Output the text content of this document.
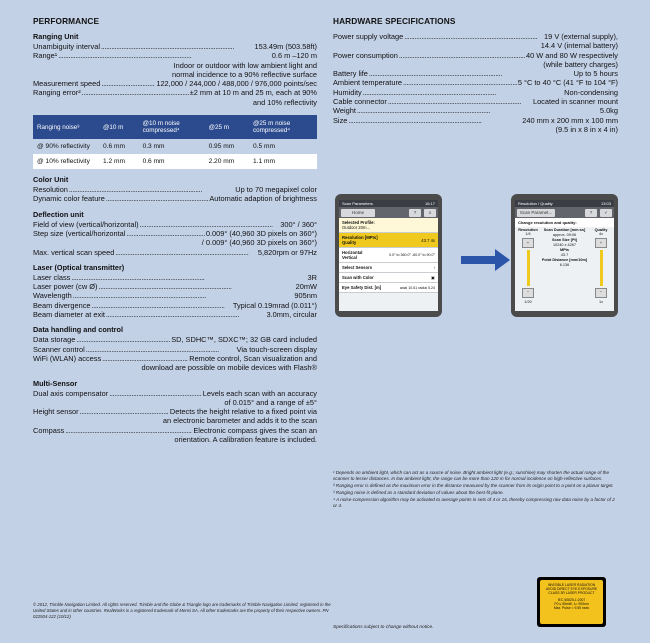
PERFORMANCE
Ranging Unit
Unambiguity interval . . .	153.49m (503.58ft)
Range¹ . . .	0.6 m –120 m
Indoor or outdoor with low ambient light and
normal incidence to a 90% reflective surface
Measurement speed . . .	122,000 / 244,000 / 488,000 / 976,000 points/sec
Ranging error² . . .	±2 mm at 10 m and 25 m, each at 90%
and 10% reflectivity
Ranging noise³	@10 m	@10 m noise compressed⁴	@25 m	@25 m noise compressed⁴
@ 90% reflectivity	0.6 mm	0.3 mm	0.95 mm	0.5 mm
@ 10% reflectivity	1.2 mm	0.6 mm	2.20 mm	1.1 mm
Color Unit
Resolution . . .	Up to 70 megapixel color
Dynamic color feature . . .	Automatic adaption of brightness
Deflection unit
Field of view (vertical/horizontal) . . .	300° / 360°
Step size (vertical/horizontal . . .	0.009° (40,960 3D pixels on 360°)
/ 0.009° (40,960 3D pixels on 360°)
Max. vertical scan speed . . .	5,820rpm or 97Hz
Laser (Optical transmitter)
Laser class . . .	3R
Laser power (cw Ø) . . .	20mW
Wavelength . . .	905nm
Beam divergence . . .	Typical 0.19mrad (0.011°)
Beam diameter at exit . . .	3.0mm, circular
Data handling and control
Data storage . . .	SD, SDHC™, SDXC™; 32 GB card included
Scanner control . . .	Via touch-screen display
WiFi (WLAN) access . . .	Remote control, Scan visualization and
download are possible on mobile devices with Flash®
Multi-Sensor
Dual axis compensator . . .	Levels each scan with an accuracy
of 0.015° and a range of ±5°
Height sensor . . .	Detects the height relative to a fixed point via
an electronic barometer and adds it to the scan
Compass . . .	Electronic compass gives the scan an
orientation. A calibration feature is included.
HARDWARE SPECIFICATIONS
Power supply voltage . . .	19 V (external supply),
14.4 V (internal battery)
Power consumption . . .	40 W and 80 W respectively
(while battery charges)
Battery life . . .	Up to 5 hours
Ambient temperature . . .	5 °C to 40 °C (41 °F to 104 °F)
Humidity . . .	Non-condensing
Cable connector . . .	Located in scanner mount
Weight . . .	5.0kg
Size . . .	240 mm x 200 mm x 100 mm
(9.5 in x 8 in x 4 in)
Scan Parameters	16:17
Home	?	≡
Selected Profile:
Outdoor 20m...
Resolution [MPts]
Quality	43.7 4x
Horizontal
Vertical	0.0° to 360.0° -60.0° to 90.0°
Select Sensors	›
Scan with Color	▣
Eye Safety Dist. [m]	axial 10.61 radial 5.24
Resolution / Quality	13:03
Scan Paramet...	?	✓
Change resolution and quality:
Resolution
1/4
+
−
1/20
Scan Duration [mm:ss]
approx. 09:06
Scan Size [Pt]
10240 x 4267
MPts
43.7
Point Distance [mm/10m]
6.136
Quality
4x
+
−
1x

¹ Depends on ambient light, which can act as a source of noise. Bright ambient light (e.g.; sunshine) may shorten the actual range of the scanner to lesser distances. In low ambient light, the range can be more than 120 m for normal incidence on high-reflective surfaces.

² Ranging error is defined as the maximum error in the distance measured by the scanner from its origin point to a point on a planar target.

³ Ranging noise is defined as a standard deviation of values about the best-fit plane.

⁴ A noise-compression algorithm may be activated to average points in sets of 4 or 16, thereby compressing raw data noise by a factor of 2 or 4.

© 2012, Trimble Navigation Limited. All rights reserved. Trimble and the Globe & Triangle logo are trademarks of Trimble Navigation Limited, registered in the United States and in other countries. RealWorks is a registered trademark of Mensi SA. All other trademarks are the property of their respective owners. PN 022504-122 (10/12)
Specifications subject to change without notice.
INVISIBLE LASER RADIATION
AVOID DIRECT EYE EXPOSURE
CLASS 3R LASER PRODUCT
IEC 60825-1:2007
P0 ≤ 55mW, λ= 905nm
Max. Pulse = 9.55 nsec
